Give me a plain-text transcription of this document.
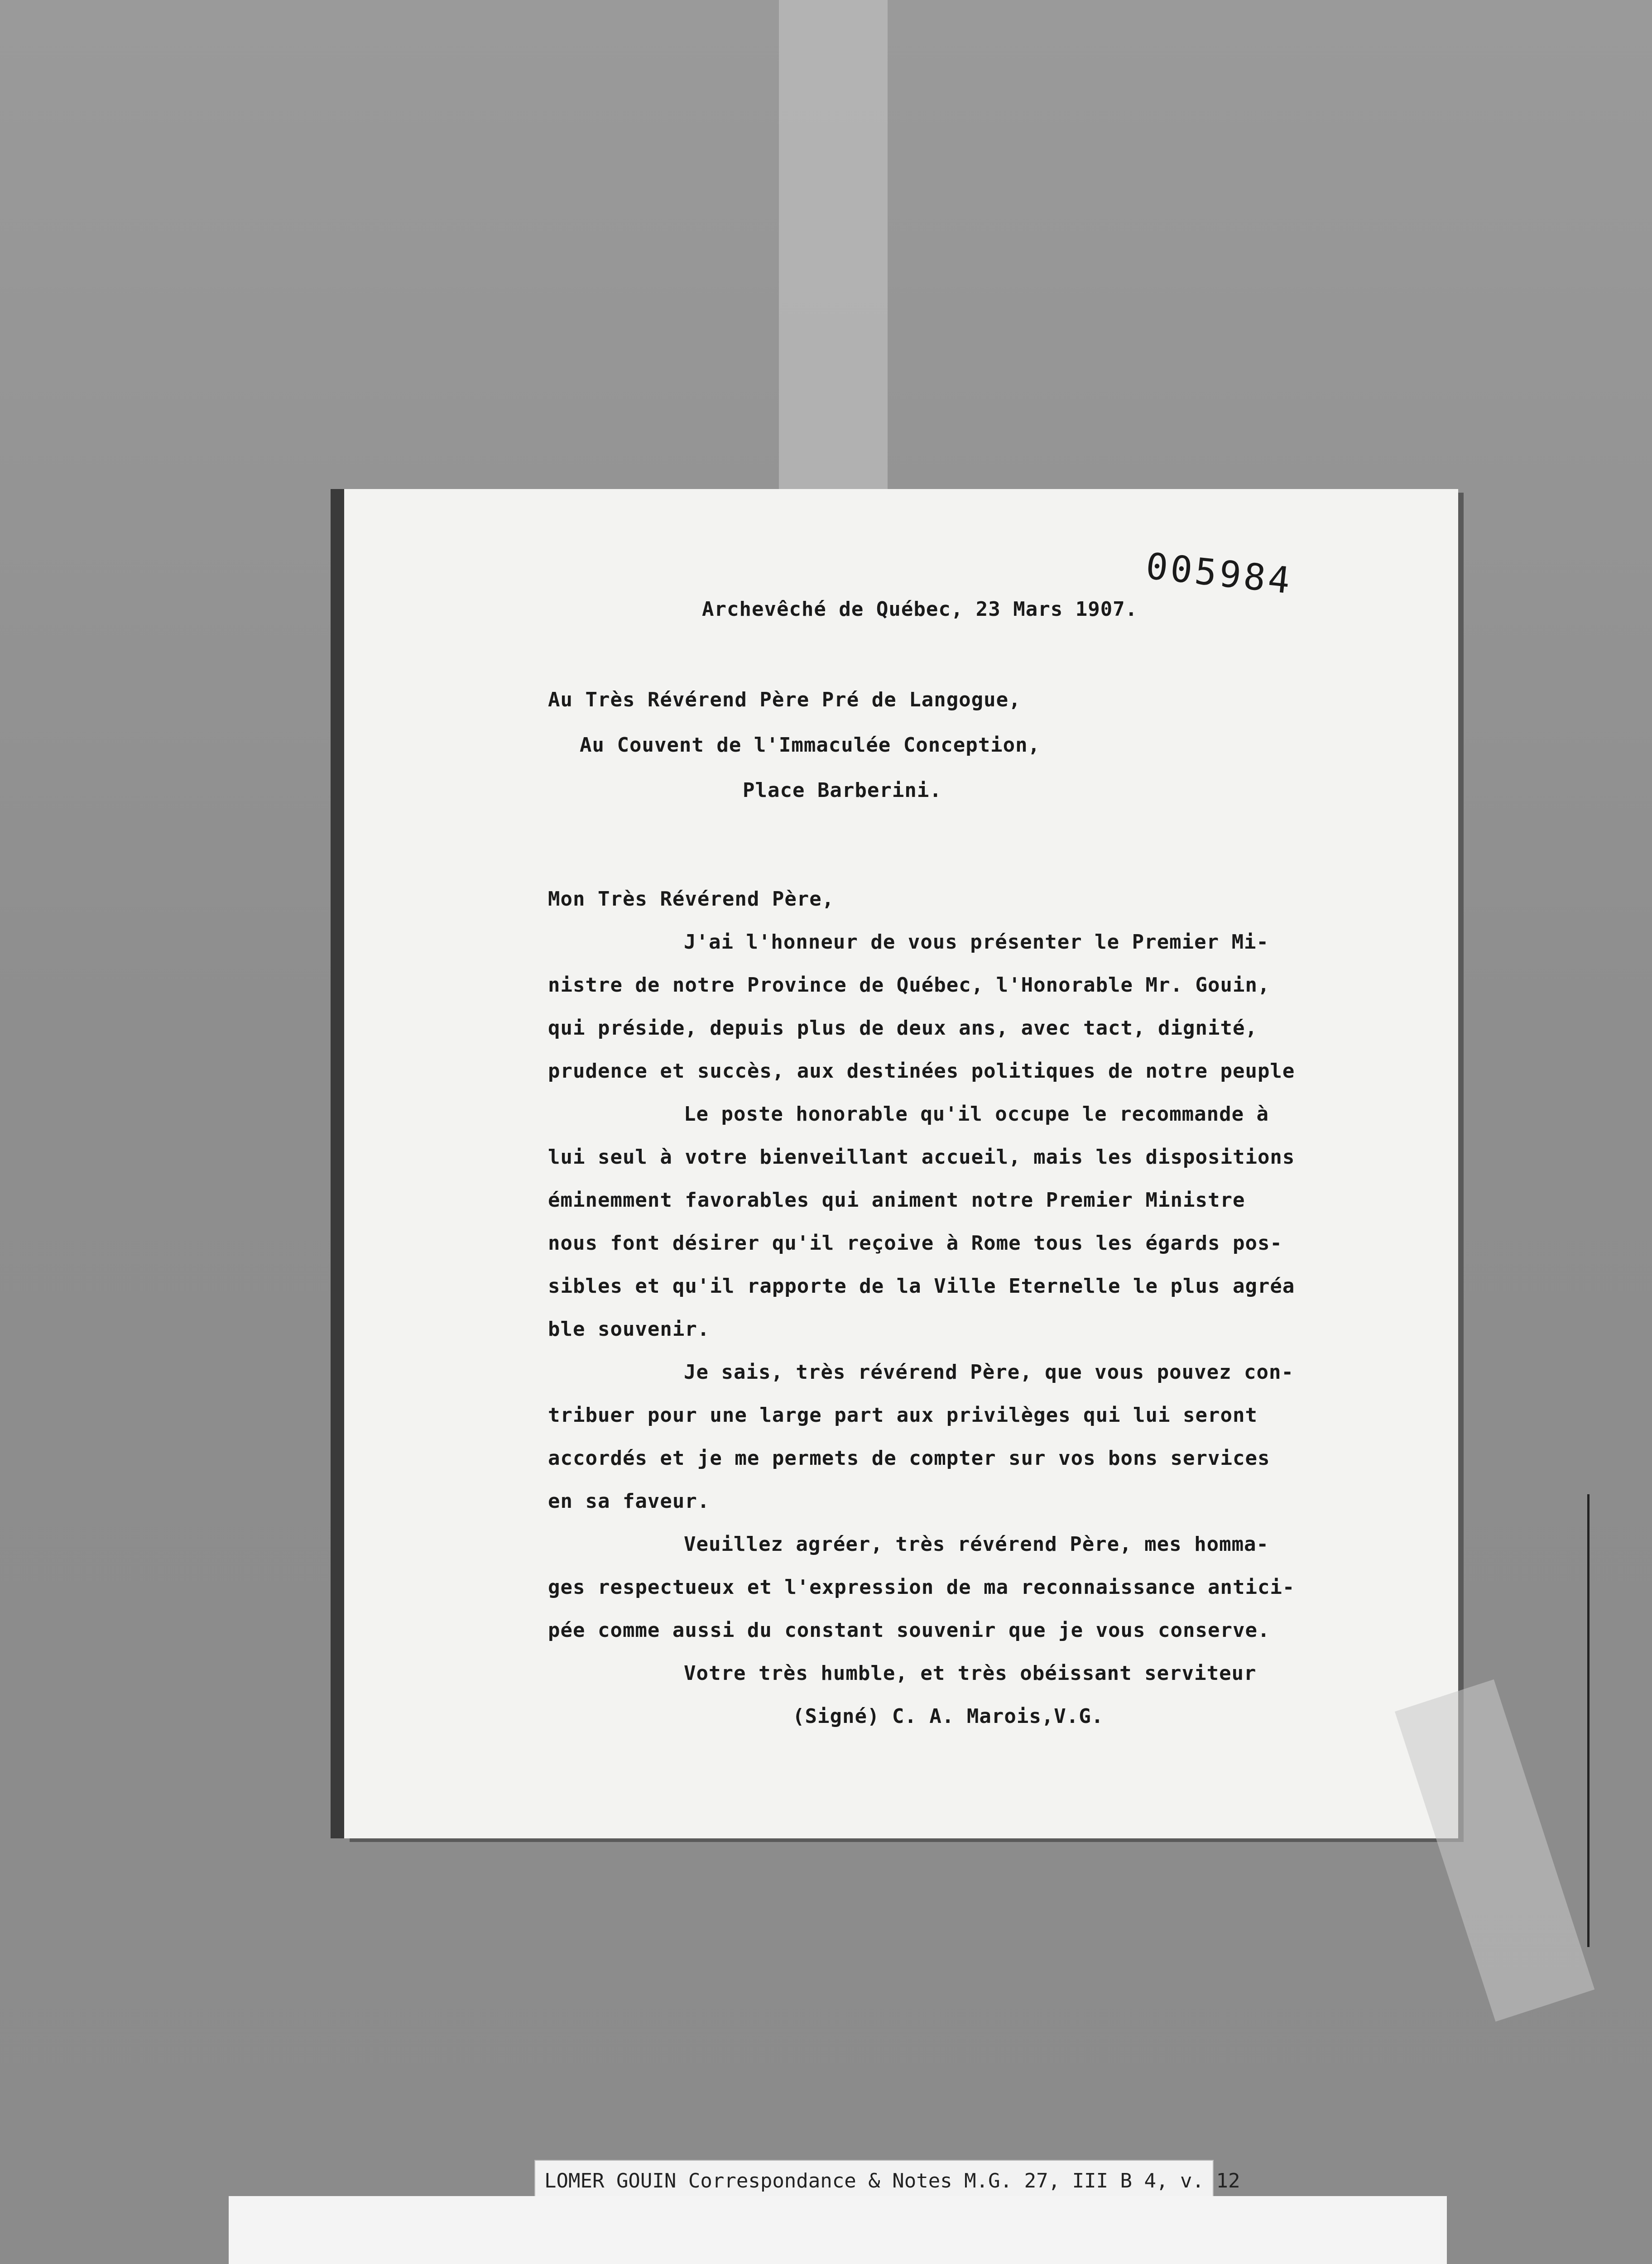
005984
Archevêché de Québec, 23 Mars 1907.
Au Très Révérend Père Pré de Langogue,
Au Couvent de l'Immaculée Conception,
Place Barberini.
Mon Très Révérend Père,
J'ai l'honneur de vous présenter le Premier Mi-
nistre de notre Province de Québec, l'Honorable Mr. Gouin,
qui préside, depuis plus de deux ans, avec tact, dignité,
prudence et succès, aux destinées politiques de notre peuple
Le poste honorable qu'il occupe le recommande à
lui seul à votre bienveillant accueil, mais les dispositions
éminemment favorables qui animent notre Premier Ministre
nous font désirer qu'il reçoive à Rome tous les égards pos-
sibles et qu'il rapporte de la Ville Eternelle le plus agréa
ble souvenir.
Je sais, très révérend Père, que vous pouvez con-
tribuer pour une large part aux privilèges qui lui seront
accordés et je me permets de compter sur vos bons services
en sa faveur.
Veuillez agréer, très révérend Père, mes homma-
ges respectueux et l'expression de ma reconnaissance antici-
pée comme aussi du constant souvenir que je vous conserve.
Votre très humble, et très obéissant serviteur
(Signé) C. A. Marois,V.G.
LOMER GOUIN Correspondance & Notes M.G. 27, III B 4, v. 12
